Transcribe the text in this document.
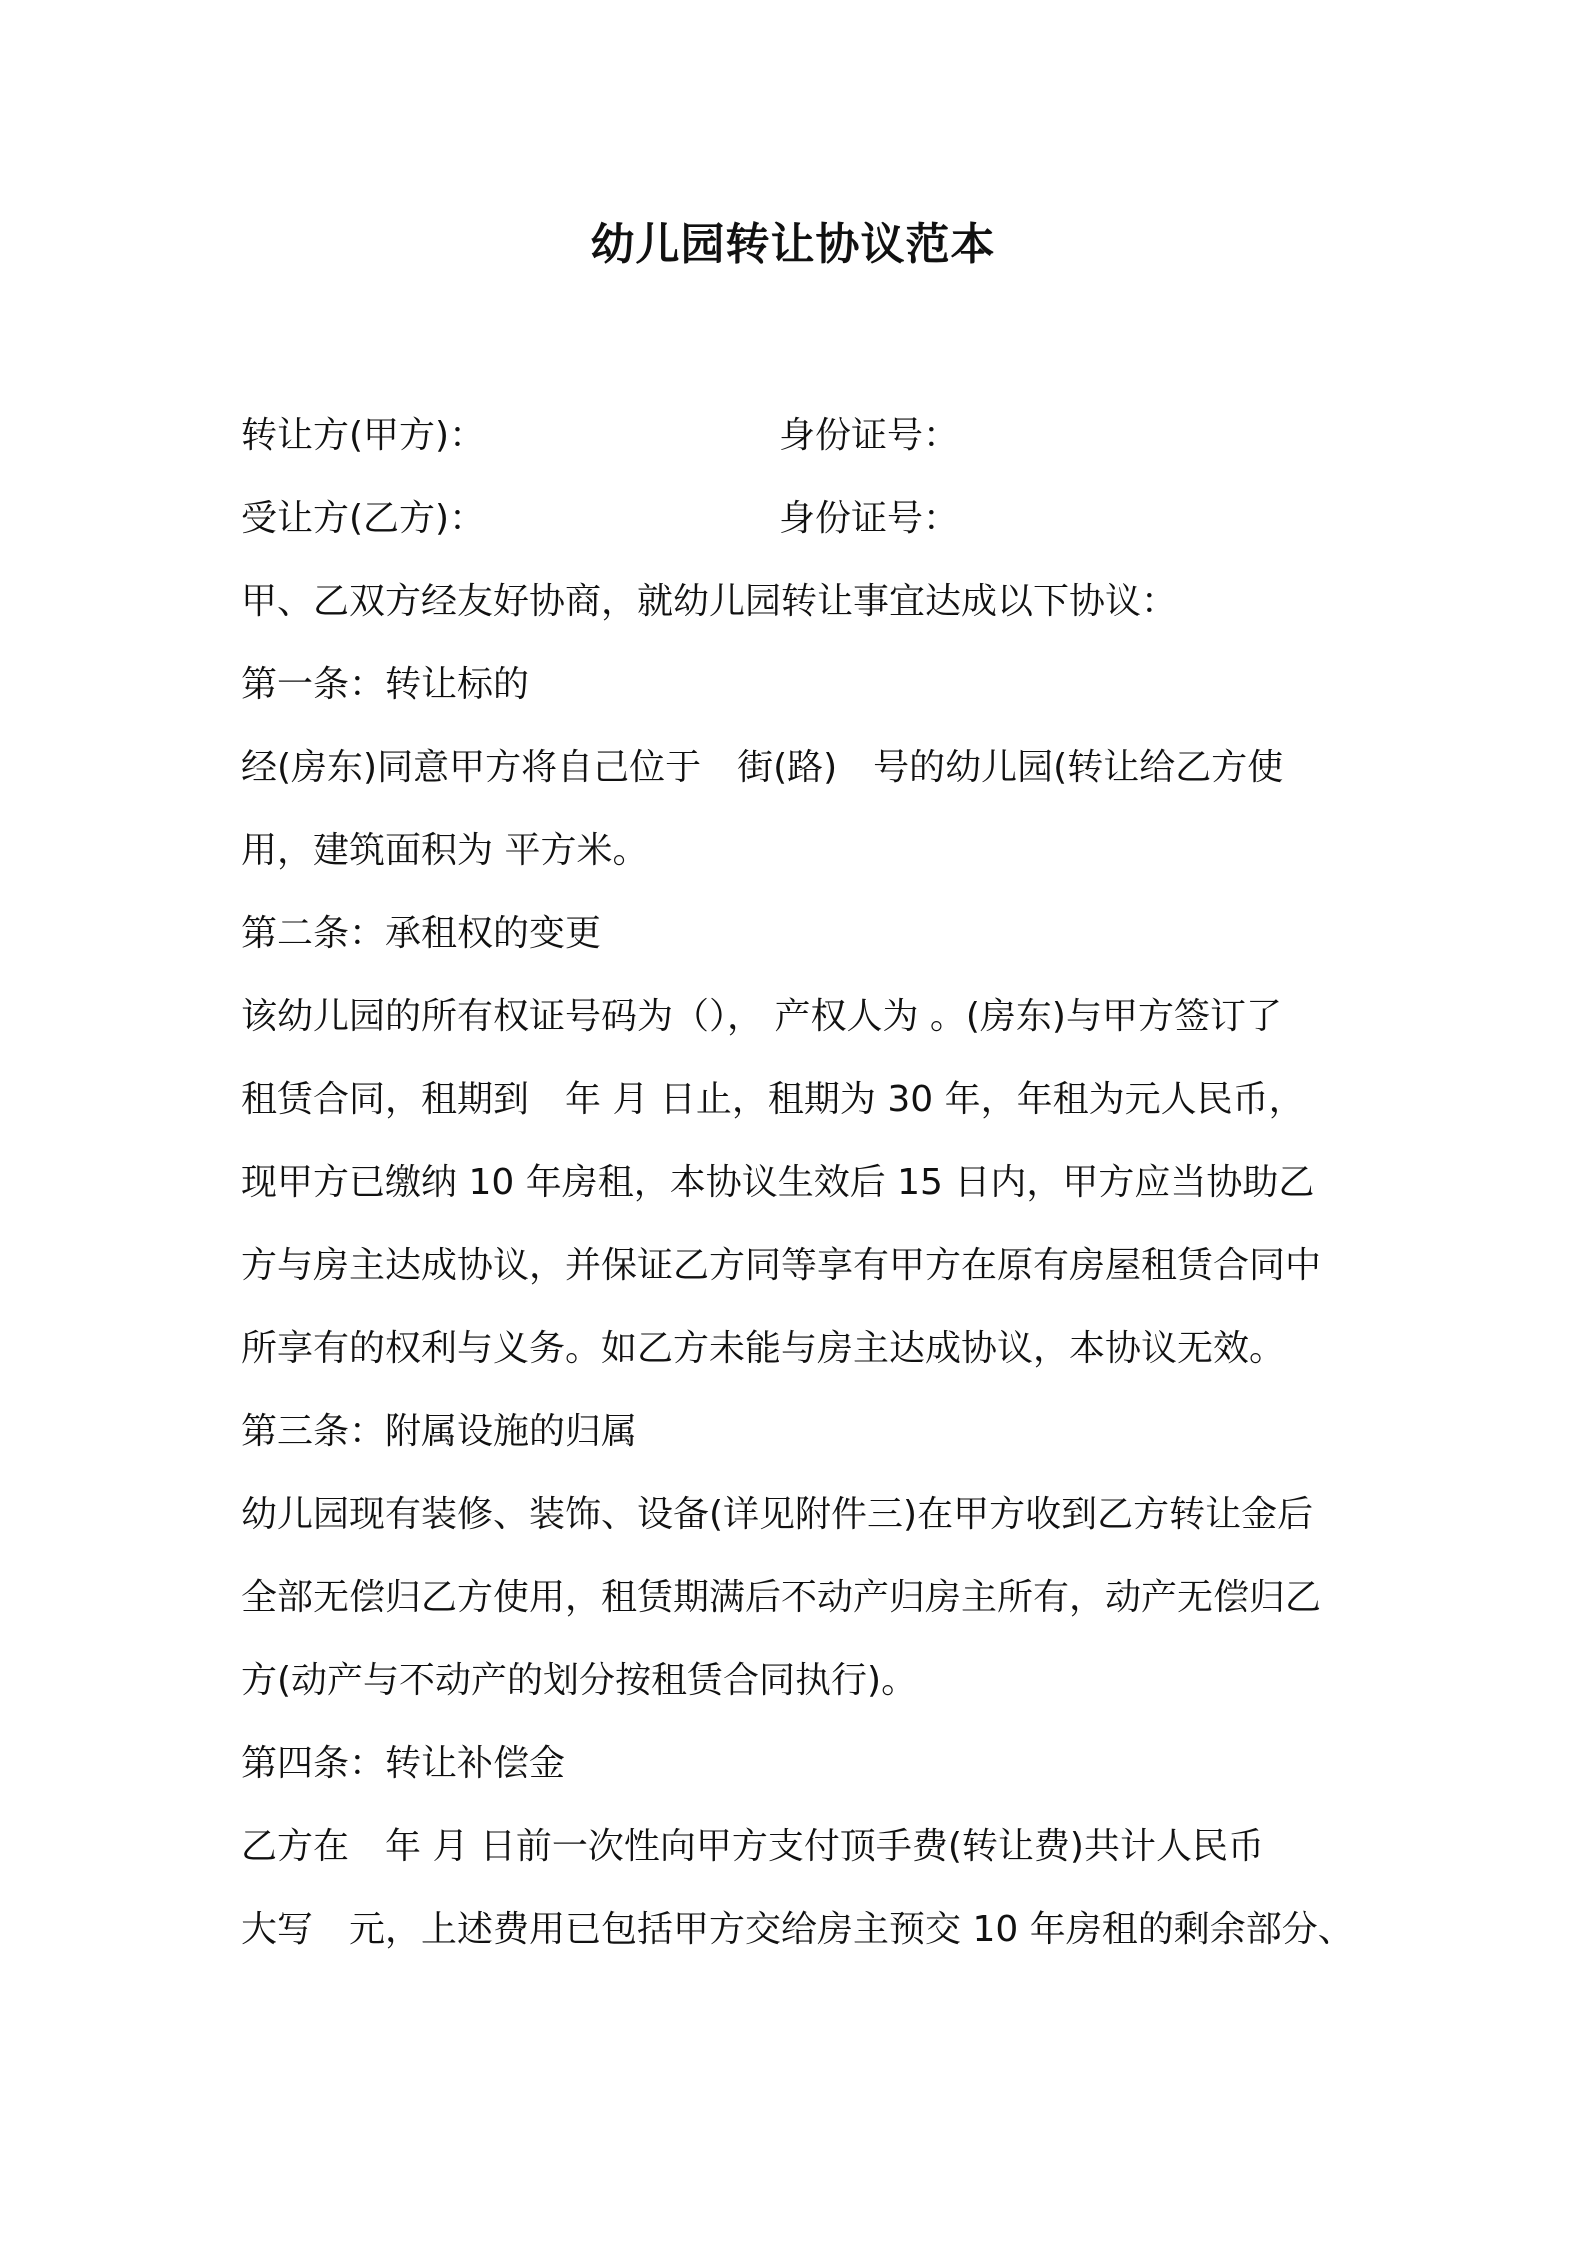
幼儿园转让协议范本
转让方(甲方)：	身份证号：
受让方(乙方)：	身份证号：
甲、乙双方经友好协商，就幼儿园转让事宜达成以下协议：
第一条：转让标的
经(房东)同意甲方将自己位于　街(路)　号的幼儿园(转让给乙方使
用，建筑面积为 平方米。
第二条：承租权的变更
该幼儿园的所有权证号码为（）， 产权人为 。(房东)与甲方签订了
租赁合同，租期到　年 月 日止，租期为 30 年，年租为元人民币，
现甲方已缴纳 10 年房租，本协议生效后 15 日内，甲方应当协助乙
方与房主达成协议，并保证乙方同等享有甲方在原有房屋租赁合同中
所享有的权利与义务。如乙方未能与房主达成协议，本协议无效。
第三条：附属设施的归属
幼儿园现有装修、装饰、设备(详见附件三)在甲方收到乙方转让金后
全部无偿归乙方使用，租赁期满后不动产归房主所有，动产无偿归乙
方(动产与不动产的划分按租赁合同执行)。
第四条：转让补偿金
乙方在　年 月 日前一次性向甲方支付顶手费(转让费)共计人民币
大写　元，上述费用已包括甲方交给房主预交 10 年房租的剩余部分、
